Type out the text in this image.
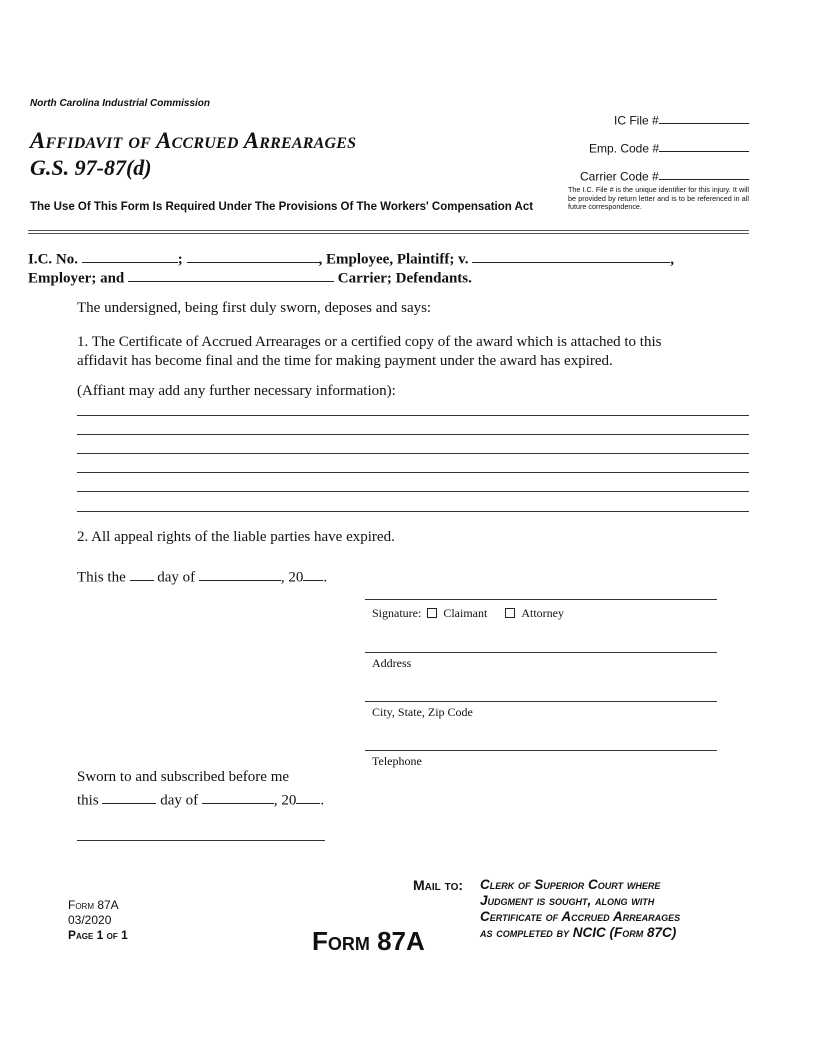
North Carolina Industrial Commission
Affidavit of Accrued Arrearages
G.S. 97-87(d)
The Use Of This Form Is Required Under The Provisions Of The Workers' Compensation Act
IC File #
Emp. Code #
Carrier Code #
The I.C. File # is the unique identifier for this injury. It will be provided by return letter and is to be referenced in all future correspondence.
I.C. No.	;	, Employee, Plaintiff; v.	,
Employer; and	Carrier; Defendants.
The undersigned, being first duly sworn, deposes and says:
1. The Certificate of Accrued Arrearages or a certified copy of the award which is attached to this
affidavit has become final and the time for making payment under the award has expired.
(Affiant may add any further necessary information):
2. All appeal rights of the liable parties have expired.
This the day of	, 20 .
Signature: Claimant	Attorney
Address
City, State, Zip Code
Telephone
Sworn to and subscribed before me
this	day of	, 20 .
Form 87A
03/2020
Page 1 of 1	Form 87A
Mail to: Clerk of Superior Court where
Judgment is sought, along with
Certificate of Accrued Arrearages
as completed by NCIC (Form 87C)
